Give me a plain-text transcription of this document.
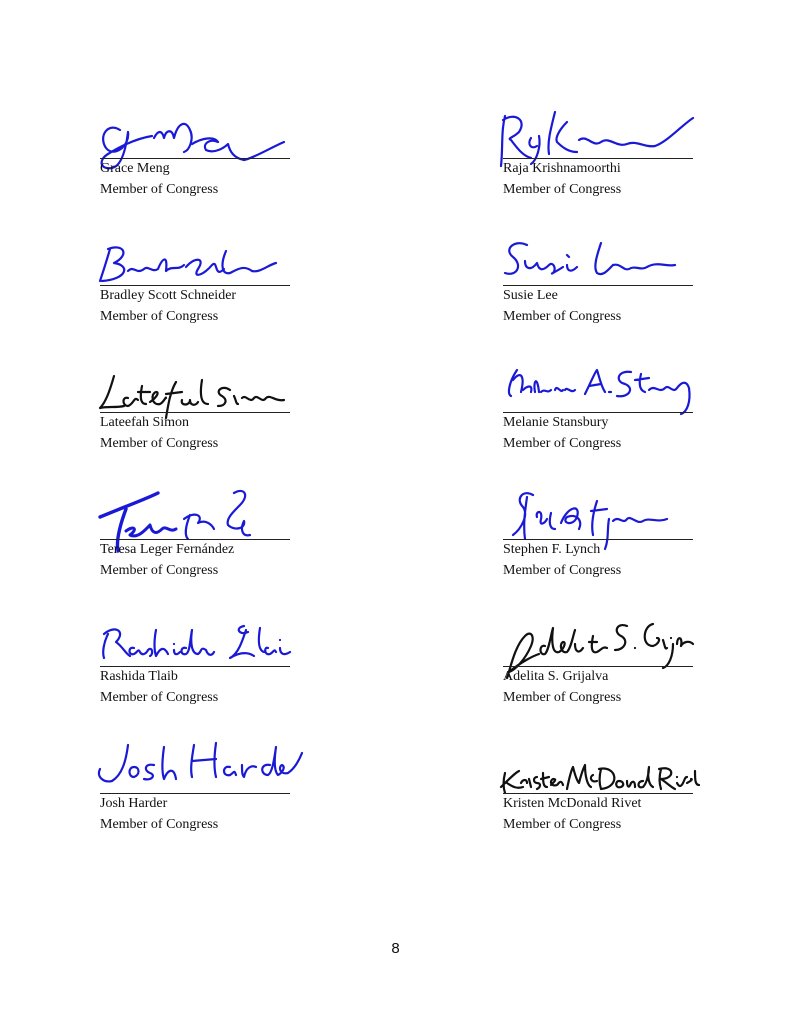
Grace Meng
Member of Congress
Raja Krishnamoorthi
Member of Congress
Bradley Scott Schneider
Member of Congress
Susie Lee
Member of Congress
Lateefah Simon
Member of Congress
Melanie Stansbury
Member of Congress
Teresa Leger Fernández
Member of Congress
Stephen F. Lynch
Member of Congress
Rashida Tlaib
Member of Congress
Adelita S. Grijalva
Member of Congress
Josh Harder
Member of Congress
Kristen McDonald Rivet
Member of Congress
8
